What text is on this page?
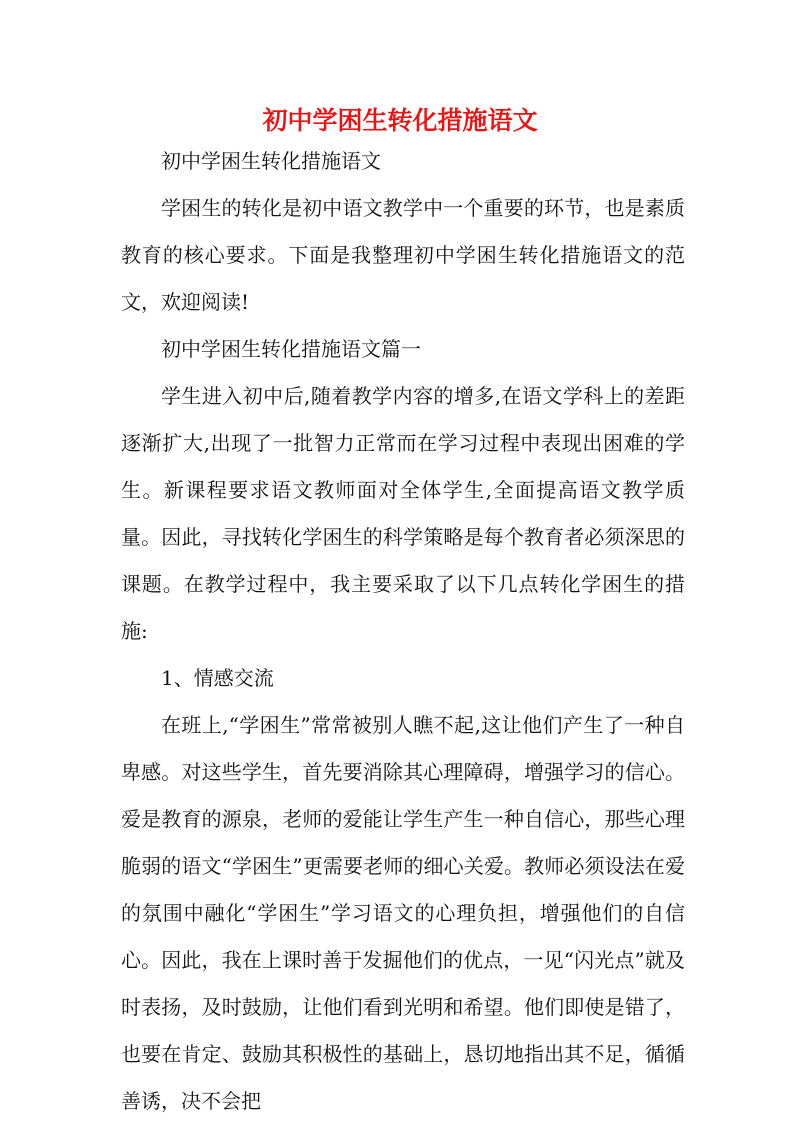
初中学困生转化措施语文

初中学困生转化措施语文

学困生的转化是初中语文教学中一个重要的环节，也是素质教育的核心要求。下面是我整理初中学困生转化措施语文的范文，欢迎阅读!

初中学困生转化措施语文篇一

学生进入初中后,随着教学内容的增多,在语文学科上的差距逐渐扩大,出现了一批智力正常而在学习过程中表现出困难的学生。新课程要求语文教师面对全体学生,全面提高语文教学质量。因此，寻找转化学困生的科学策略是每个教育者必须深思的课题。在教学过程中，我主要采取了以下几点转化学困生的措施:

1、情感交流

在班上,“学困生”常常被别人瞧不起,这让他们产生了一种自卑感。对这些学生，首先要消除其心理障碍，增强学习的信心。爱是教育的源泉，老师的爱能让学生产生一种自信心，那些心理脆弱的语文“学困生”更需要老师的细心关爱。教师必须设法在爱的氛围中融化“学困生”学习语文的心理负担，增强他们的自信心。因此，我在上课时善于发掘他们的优点，一见“闪光点”就及时表扬，及时鼓励，让他们看到光明和希望。他们即使是错了，也要在肯定、鼓励其积极性的基础上，恳切地指出其不足，循循善诱，决不会把
